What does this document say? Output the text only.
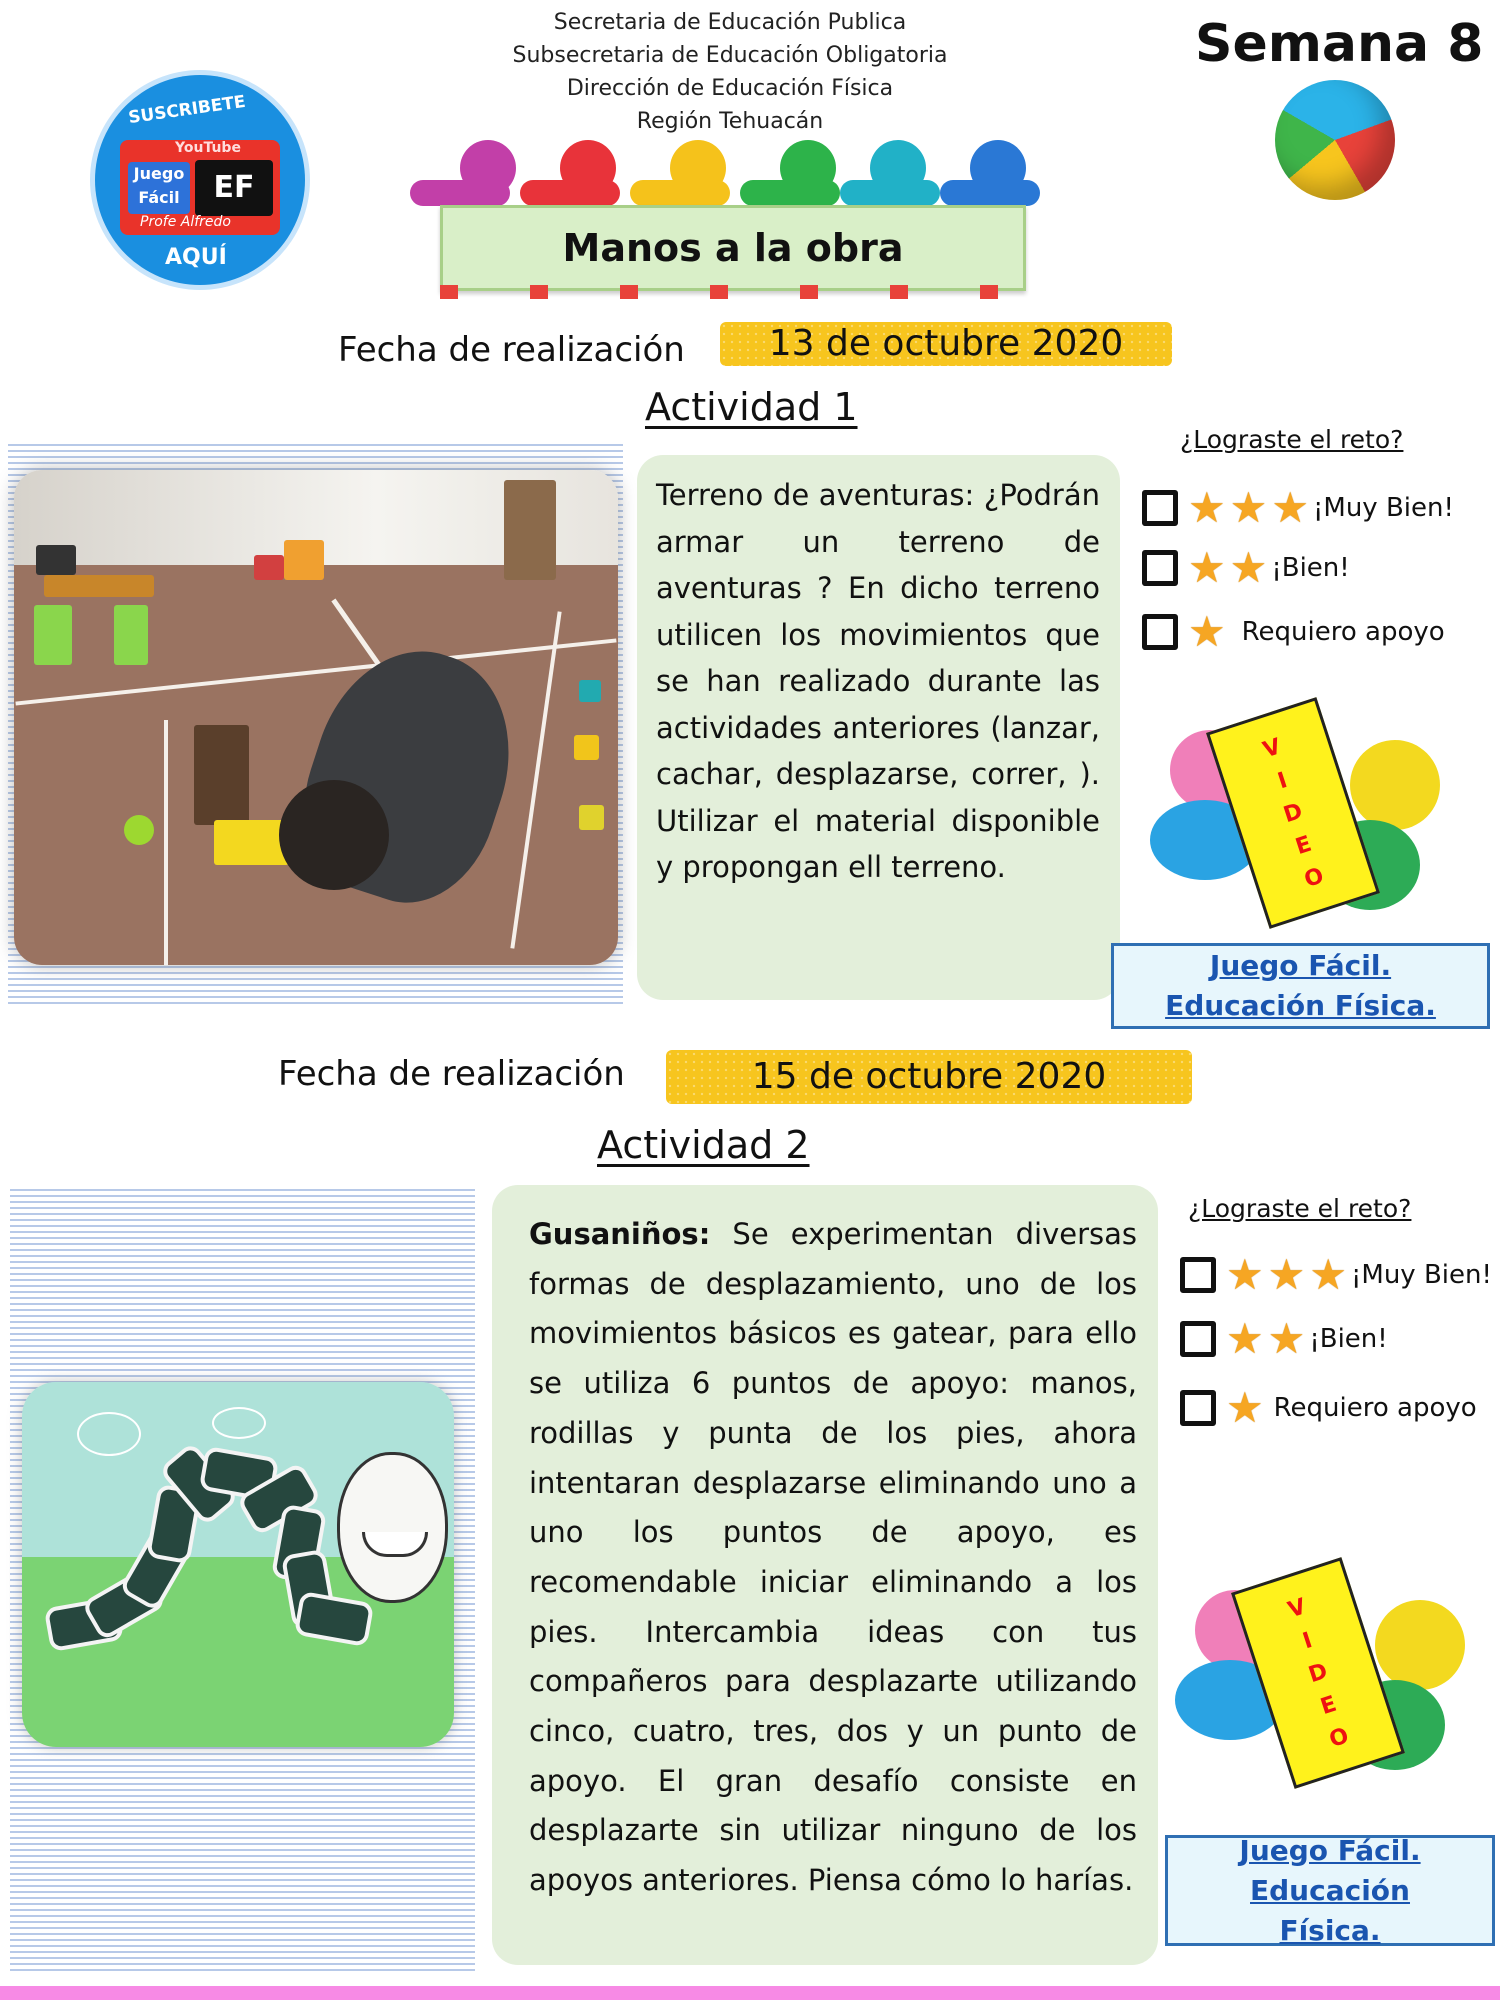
Secretaria de Educación Publica
Subsecretaria de Educación Obligatoria
Dirección de Educación Física
Región Tehuacán
Semana 8
SUSCRIBETE
YouTube
Juego Fácil	EF
Profe Alfredo
AQUÍ	Manos a la obra
Fecha de realización	13 de octubre 2020
Actividad 1
Terreno de aventuras: ¿Podrán armar un terreno de aventuras ? En dicho terreno utilicen los movimientos que se han realizado durante las actividades anteriores (lanzar, cachar, desplazarse, correr, ). Utilizar el material disponible y propongan ell terreno.
¿Lograste el reto?
★ ★ ★ ¡Muy Bien!
★ ★ ¡Bien!
★ Requiero apoyo
V
I
D
E
O
Juego Fácil. Educación Física.
Fecha de realización	15 de octubre 2020
Actividad 2
Gusaniños: Se experimentan diversas formas de desplazamiento, uno de los movimientos básicos es gatear, para ello se utiliza 6 puntos de apoyo: manos, rodillas y punta de los pies, ahora intentaran desplazarse eliminando uno a uno los puntos de apoyo, es recomendable iniciar eliminando a los pies. Intercambia ideas con tus compañeros para desplazarte utilizando cinco, cuatro, tres, dos y un punto de apoyo. El gran desafío consiste en desplazarte sin utilizar ninguno de los apoyos anteriores. Piensa cómo lo harías.
¿Lograste el reto?
★ ★ ★ ¡Muy Bien!
★ ★ ¡Bien!
★ Requiero apoyo
V
I
D
E
O
Juego Fácil. Educación Física.
